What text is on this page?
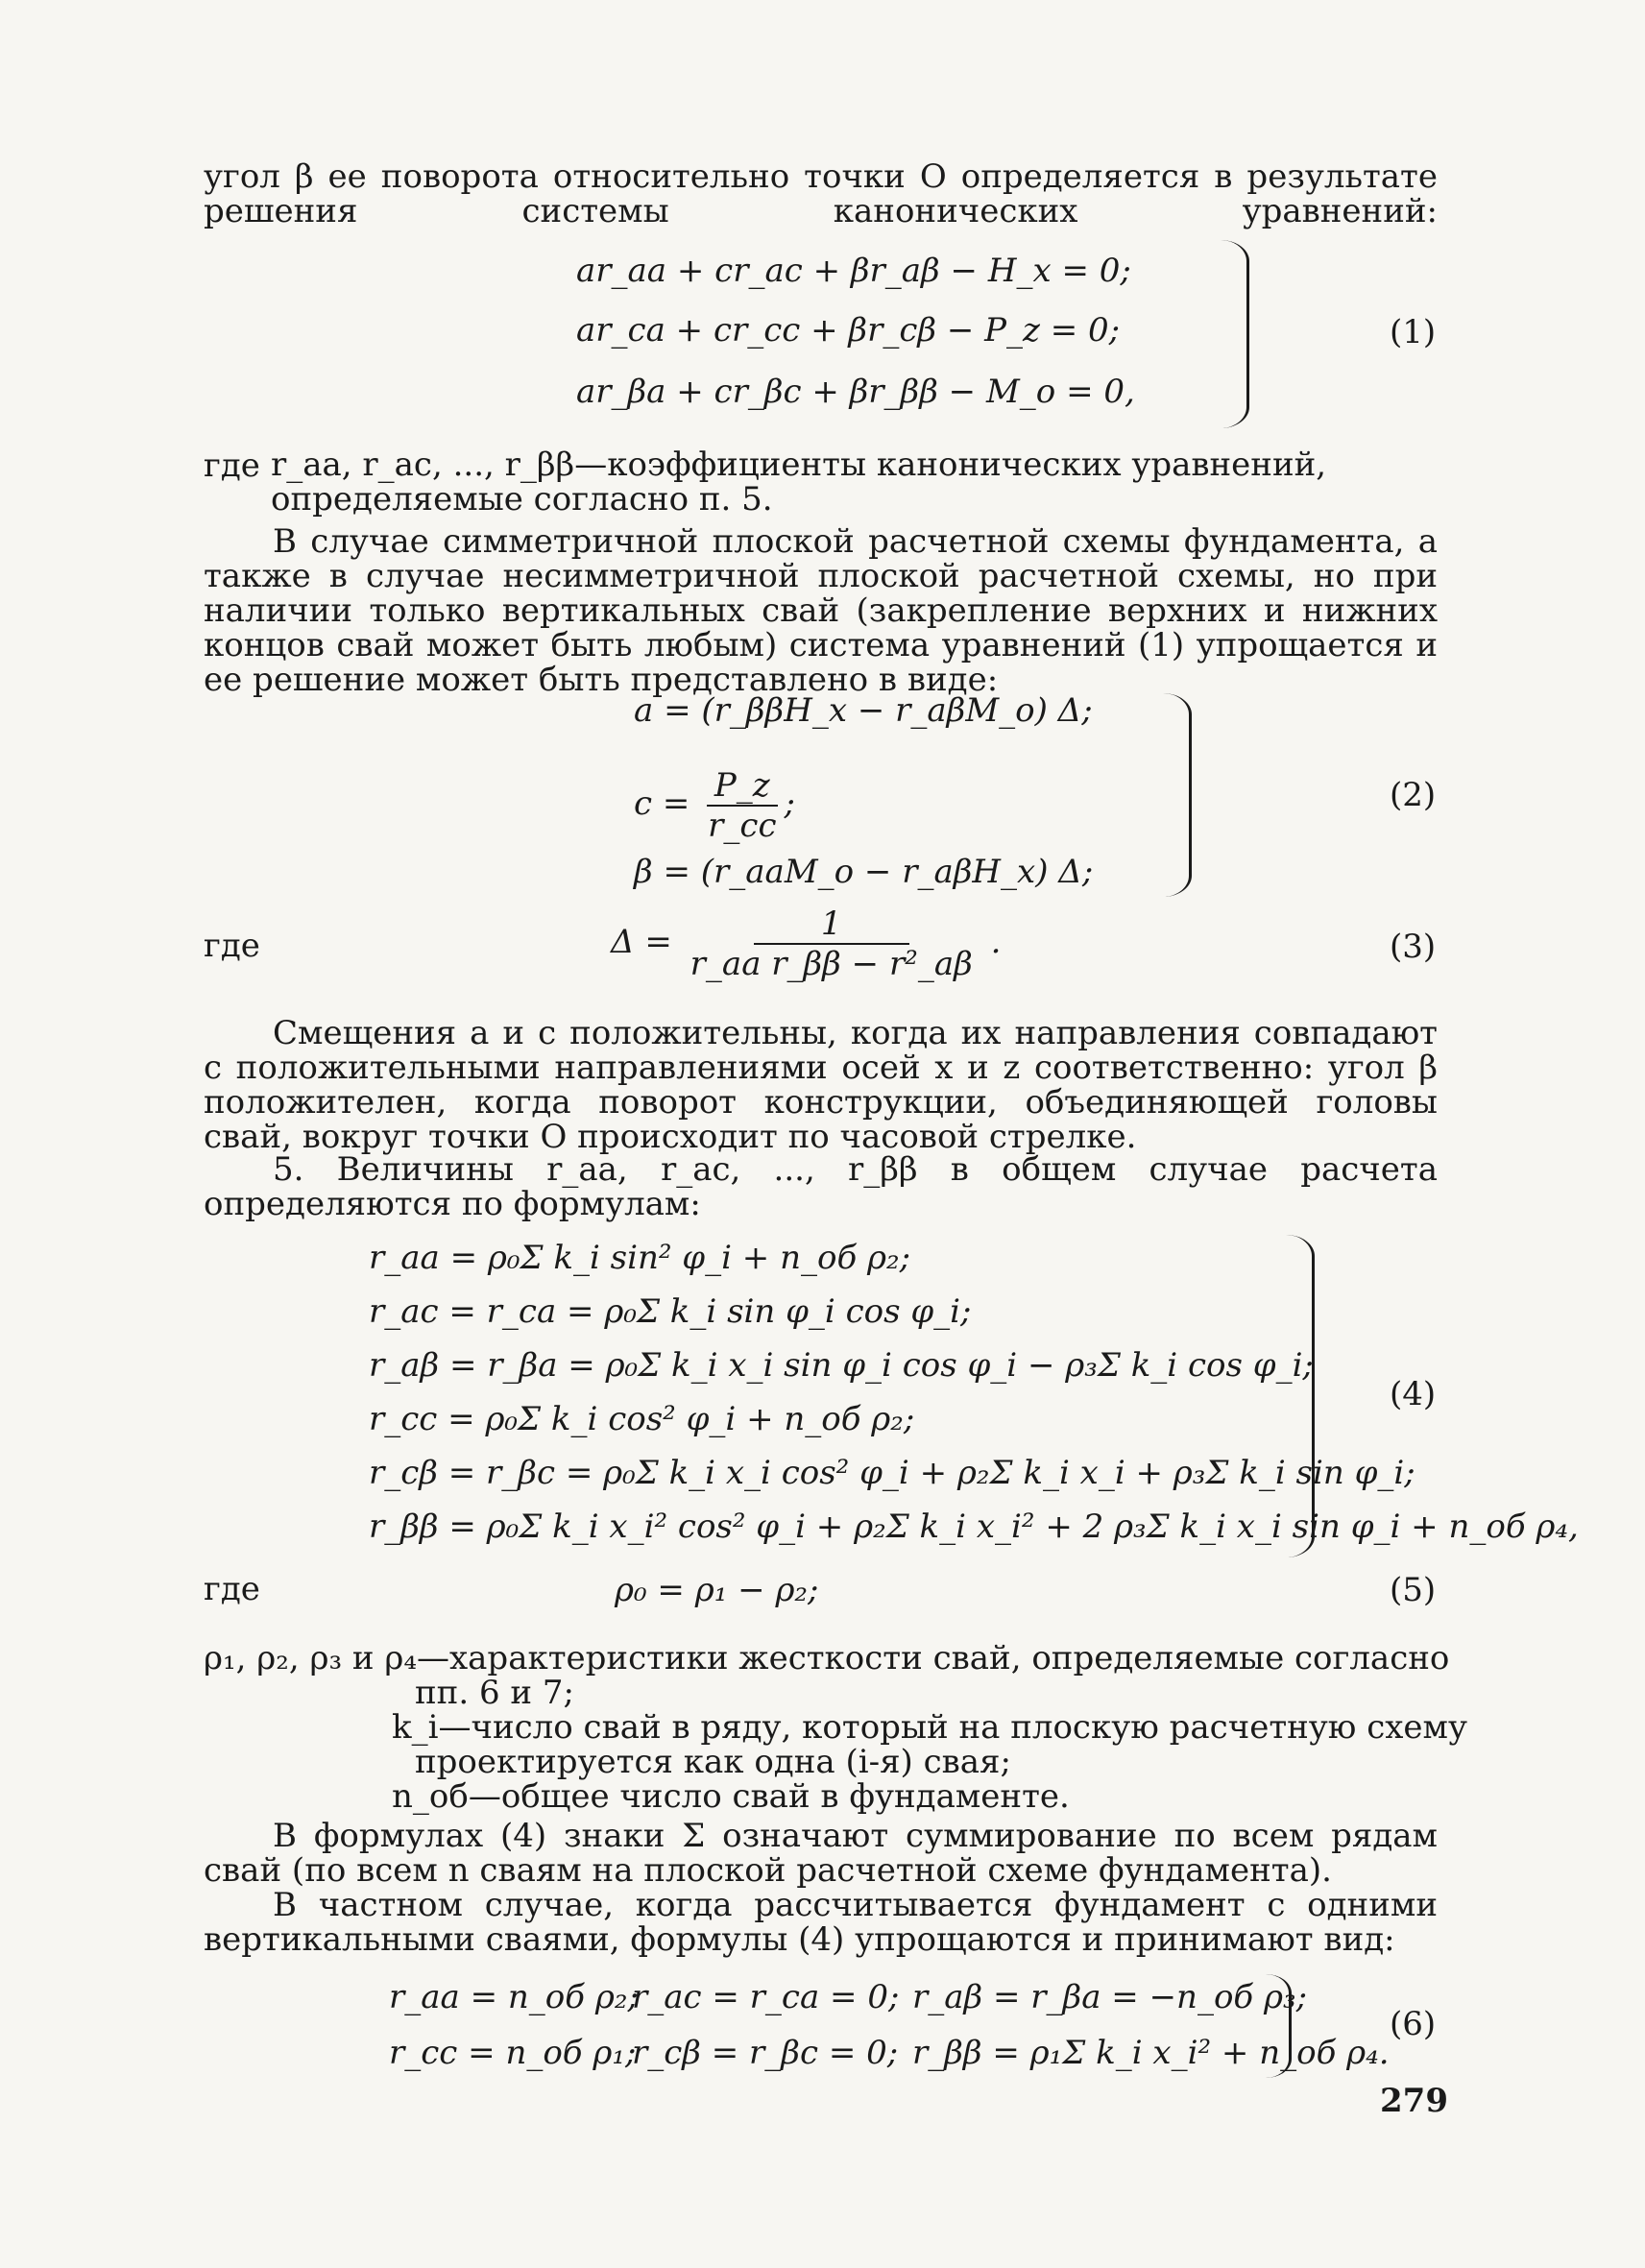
угол β ее поворота относительно точки O определяется в результате решения системы канонических уравнений:
ar_aa + cr_ac + βr_aβ − H_x = 0;
ar_ca + cr_cc + βr_cβ − P_z = 0;
ar_βa + cr_βc + βr_ββ − M_o = 0,
(1)
где r_aa, r_ac, ..., r_ββ—коэффициенты канонических уравнений, определяемые согласно п. 5.
В случае симметричной плоской расчетной схемы фундамента, а также в случае несимметричной плоской расчетной схемы, но при наличии только вертикальных свай (закрепление верхних и нижних концов свай может быть любым) система уравнений (1) упрощается и ее решение может быть представлено в виде:
a = (r_ββH_x − r_aβM_o) Δ;
$c = \frac{P\_z}{r\_cc}$ ;
β = (r_aaM_o − r_aβH_x) Δ;
(2)
где	$\Delta = \frac{1}{\text{r\_aa r\_ββ − r²\_aβ}}$ .	(3)
Смещения a и c положительны, когда их направления совпадают с положительными направлениями осей x и z соответственно: угол β положителен, когда поворот конструкции, объединяющей головы свай, вокруг точки O происходит по часовой стрелке.
5. Величины r_aa, r_ac, ..., r_ββ в общем случае расчета определяются по формулам:
r_aa = ρ₀Σ k_i sin² φ_i + n_об ρ₂;
r_ac = r_ca = ρ₀Σ k_i sin φ_i cos φ_i;
r_aβ = r_βa = ρ₀Σ k_i x_i sin φ_i cos φ_i − ρ₃Σ k_i cos φ_i;
r_cc = ρ₀Σ k_i cos² φ_i + n_об ρ₂;
r_cβ = r_βc = ρ₀Σ k_i x_i cos² φ_i + ρ₂Σ k_i x_i + ρ₃Σ k_i sin φ_i;
r_ββ = ρ₀Σ k_i x_i² cos² φ_i + ρ₂Σ k_i x_i² + 2 ρ₃Σ k_i x_i sin φ_i + n_об ρ₄,
(4)
где	ρ₀ = ρ₁ − ρ₂;	(5)
ρ₁, ρ₂, ρ₃ и ρ₄—характеристики жесткости свай, определяемые согласно
пп. 6 и 7;
k_i—число свай в ряду, который на плоскую расчетную схему
проектируется как одна (i-я) свая;
n_об—общее число свай в фундаменте.
В формулах (4) знаки Σ означают суммирование по всем рядам свай (по всем n сваям на плоской расчетной схеме фундамента).
В частном случае, когда рассчитывается фундамент с одними вертикальными сваями, формулы (4) упрощаются и принимают вид:
r_aa = n_об ρ₂;
r_ac = r_ca = 0; r_aβ = r_βa = −n_об ρ₃;
r_cc = n_об ρ₁;
r_cβ = r_βc = 0; r_ββ = ρ₁Σ k_i x_i² + n_об ρ₄.
(6)
279
